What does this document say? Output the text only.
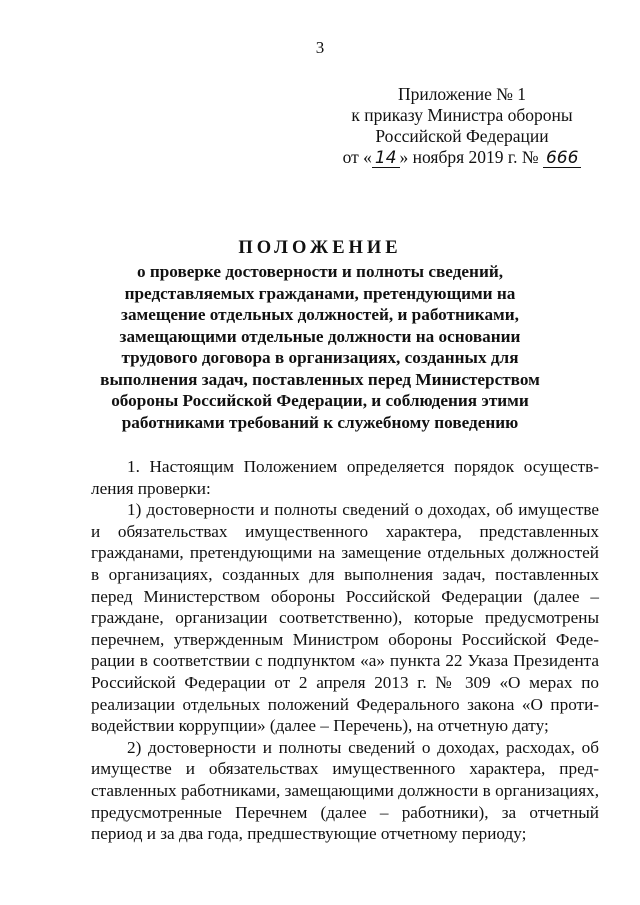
3
Приложение № 1
к приказу Министра обороны
Российской Федерации
от « 14 » ноября 2019 г. № 666
ПОЛОЖЕНИЕ
о проверке достоверности и полноты сведений, представляемых гражданами, претендующими на замещение отдельных должностей, и работниками, замещающими отдельные должности на основании трудового договора в организациях, созданных для выполнения задач, поставленных перед Министерством обороны Российской Федерации, и соблюдения этими работниками требований к служебному поведению

1. Настоящим Положением определяется порядок осуществления проверки:

1) достоверности и полноты сведений о доходах, об имуществе и обязательствах имущественного характера, представленных гражданами, претендующими на замещение отдельных должностей в организациях, созданных для выполнения задач, поставленных перед Министерством обороны Российской Федерации (далее – граждане, организации соответственно), которые предусмотрены перечнем, утвержденным Министром обороны Российской Федерации в соответствии с подпунктом «а» пункта 22 Указа Президента Российской Федерации от 2 апреля 2013 г. № 309 «О мерах по реализации отдельных положений Федерального закона «О противодействии коррупции» (далее – Перечень), на отчетную дату;

2) достоверности и полноты сведений о доходах, расходах, об имуществе и обязательствах имущественного характера, представленных работниками, замещающими должности в организациях, предусмотренные Перечнем (далее – работники), за отчетный период и за два года, предшествующие отчетному периоду;
